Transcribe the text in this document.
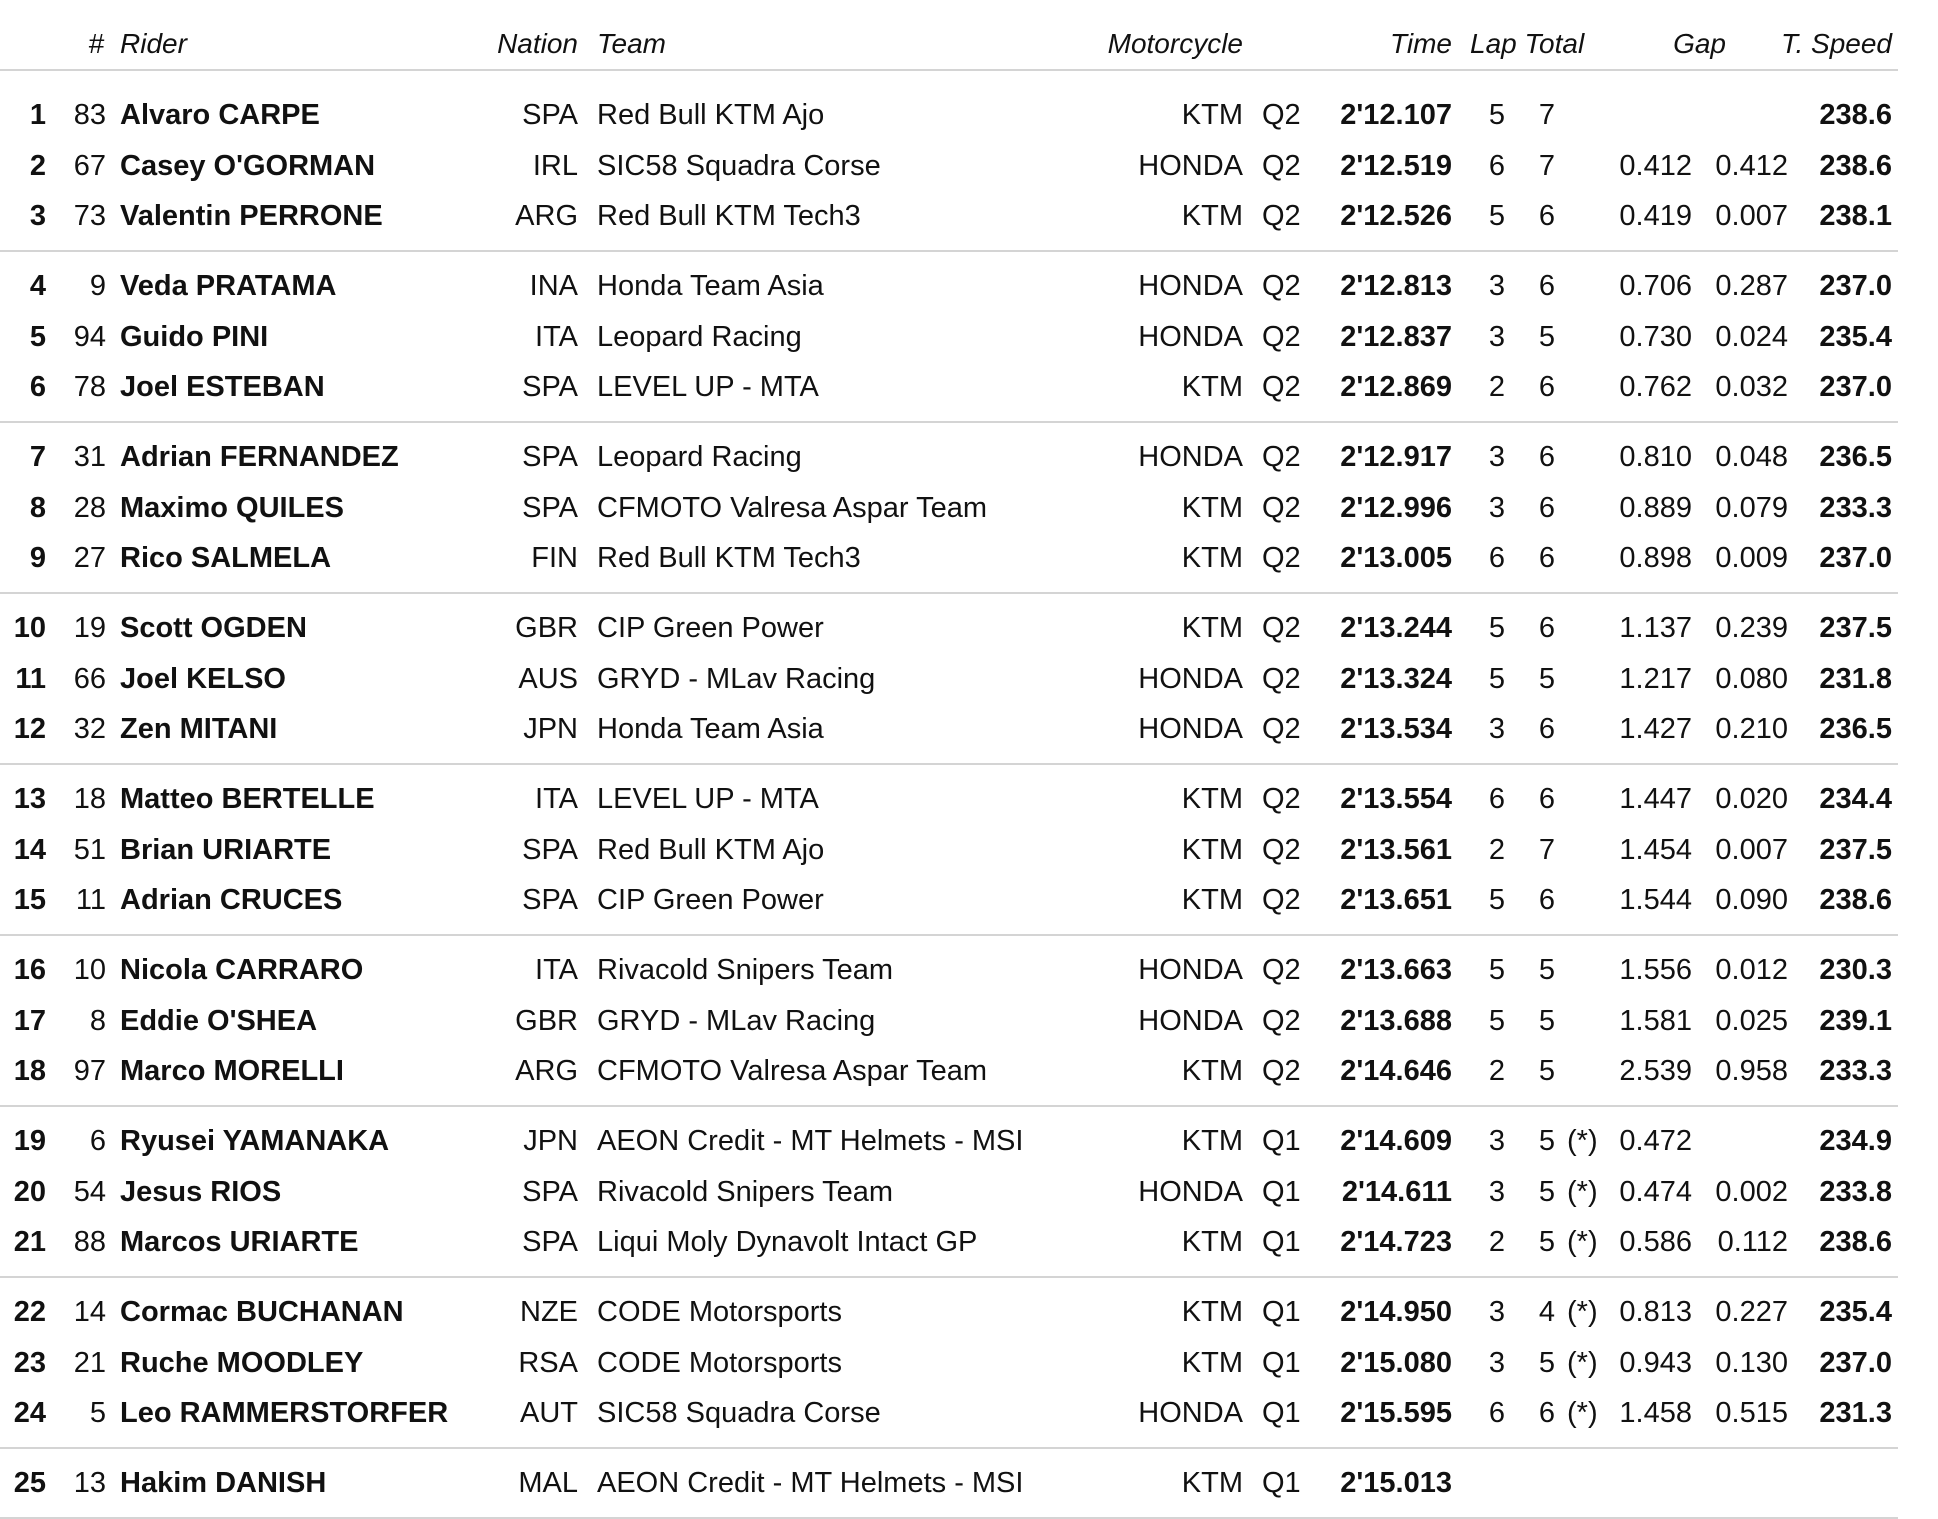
# Rider	Nation Team	Motorcycle	Time Lap Total	Gap	T. Speed
1 83 Alvaro CARPE	SPA Red Bull KTM Ajo	KTM Q2	2'12.107	5	7	238.6
2 67 Casey O'GORMAN	IRL SIC58 Squadra Corse	HONDA Q2	2'12.519	6	7	0.412 0.412	238.6
3 73 Valentin PERRONE	ARG Red Bull KTM Tech3	KTM Q2	2'12.526	5	6	0.419 0.007	238.1
4	9 Veda PRATAMA	INA Honda Team Asia	HONDA Q2	2'12.813	3	6	0.706 0.287	237.0
5 94 Guido PINI	ITA Leopard Racing	HONDA Q2	2'12.837	3	5	0.730 0.024	235.4
6 78 Joel ESTEBAN	SPA LEVEL UP - MTA	KTM Q2	2'12.869	2	6	0.762 0.032	237.0
7 31 Adrian FERNANDEZ	SPA Leopard Racing	HONDA Q2	2'12.917	3	6	0.810 0.048	236.5
8 28 Maximo QUILES	SPA CFMOTO Valresa Aspar Team	KTM Q2	2'12.996	3	6	0.889 0.079	233.3
9 27 Rico SALMELA	FIN Red Bull KTM Tech3	KTM Q2	2'13.005	6	6	0.898 0.009	237.0
10 19 Scott OGDEN	GBR CIP Green Power	KTM Q2	2'13.244	5	6	1.137 0.239	237.5
11 66 Joel KELSO	AUS GRYD - MLav Racing	HONDA Q2	2'13.324	5	5	1.217 0.080	231.8
12 32 Zen MITANI	JPN Honda Team Asia	HONDA Q2	2'13.534	3	6	1.427 0.210	236.5
13 18 Matteo BERTELLE	ITA LEVEL UP - MTA	KTM Q2	2'13.554	6	6	1.447 0.020	234.4
14 51 Brian URIARTE	SPA Red Bull KTM Ajo	KTM Q2	2'13.561	2	7	1.454 0.007	237.5
15	11 Adrian CRUCES	SPA CIP Green Power	KTM Q2	2'13.651	5	6	1.544 0.090	238.6
16 10 Nicola CARRARO	ITA Rivacold Snipers Team	HONDA Q2	2'13.663	5	5	1.556 0.012	230.3
17	8 Eddie O'SHEA	GBR GRYD - MLav Racing	HONDA Q2	2'13.688	5	5	1.581 0.025	239.1
18 97 Marco MORELLI	ARG CFMOTO Valresa Aspar Team	KTM Q2	2'14.646	2	5	2.539 0.958	233.3
19	6 Ryusei YAMANAKA	JPN AEON Credit - MT Helmets - MSI	KTM Q1	2'14.609	3	5 (*) 0.472	234.9
20 54 Jesus RIOS	SPA Rivacold Snipers Team	HONDA Q1	2'14.611	3	5 (*) 0.474 0.002	233.8
21 88 Marcos URIARTE	SPA Liqui Moly Dynavolt Intact GP	KTM Q1	2'14.723	2	5 (*) 0.586 0.112	238.6
22 14 Cormac BUCHANAN	NZE CODE Motorsports	KTM Q1	2'14.950	3	4 (*) 0.813 0.227	235.4
23 21 Ruche MOODLEY	RSA CODE Motorsports	KTM Q1	2'15.080	3	5 (*) 0.943 0.130	237.0
24	5 Leo RAMMERSTORFER	AUT SIC58 Squadra Corse	HONDA Q1	2'15.595	6	6 (*) 1.458 0.515	231.3
25 13 Hakim DANISH	MAL AEON Credit - MT Helmets - MSI	KTM Q1	2'15.013
